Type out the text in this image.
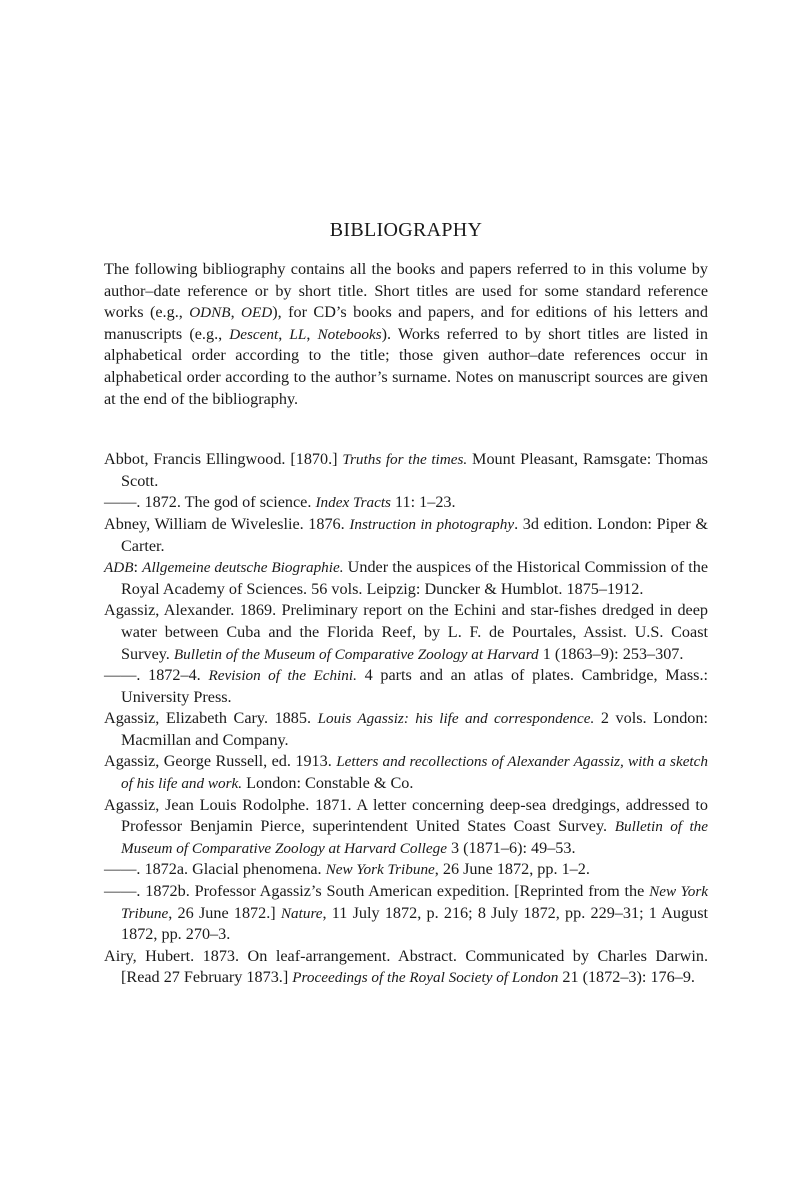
BIBLIOGRAPHY

The following bibliography contains all the books and papers referred to in this volume by author–date reference or by short title. Short titles are used for some standard reference works (e.g., ODNB, OED), for CD’s books and papers, and for editions of his letters and manuscripts (e.g., Descent, LL, Notebooks). Works referred to by short titles are listed in alphabetical order according to the title; those given author–date references occur in alphabetical order according to the author’s surname. Notes on manuscript sources are given at the end of the bibliography.

Abbot, Francis Ellingwood. [1870.] Truths for the times. Mount Pleasant, Ramsgate: Thomas Scott.
——. 1872. The god of science. Index Tracts 11: 1–23.
Abney, William de Wiveleslie. 1876. Instruction in photography. 3d edition. London: Piper & Carter.
ADB: Allgemeine deutsche Biographie. Under the auspices of the Historical Commission of the Royal Academy of Sciences. 56 vols. Leipzig: Duncker & Humblot. 1875–1912.
Agassiz, Alexander. 1869. Preliminary report on the Echini and star-fishes dredged in deep water between Cuba and the Florida Reef, by L. F. de Pourtales, Assist. U.S. Coast Survey. Bulletin of the Museum of Comparative Zoology at Harvard 1 (1863–9): 253–307.
——. 1872–4. Revision of the Echini. 4 parts and an atlas of plates. Cambridge, Mass.: University Press.
Agassiz, Elizabeth Cary. 1885. Louis Agassiz: his life and correspondence. 2 vols. London: Macmillan and Company.
Agassiz, George Russell, ed. 1913. Letters and recollections of Alexander Agassiz, with a sketch of his life and work. London: Constable & Co.
Agassiz, Jean Louis Rodolphe. 1871. A letter concerning deep-sea dredgings, addressed to Professor Benjamin Pierce, superintendent United States Coast Survey. Bulletin of the Museum of Comparative Zoology at Harvard College 3 (1871–6): 49–53.
——. 1872a. Glacial phenomena. New York Tribune, 26 June 1872, pp. 1–2.
——. 1872b. Professor Agassiz’s South American expedition. [Reprinted from the New York Tribune, 26 June 1872.] Nature, 11 July 1872, p. 216; 8 July 1872, pp. 229–31; 1 August 1872, pp. 270–3.
Airy, Hubert. 1873. On leaf-arrangement. Abstract. Communicated by Charles Darwin. [Read 27 February 1873.] Proceedings of the Royal Society of London 21 (1872–3): 176–9.
